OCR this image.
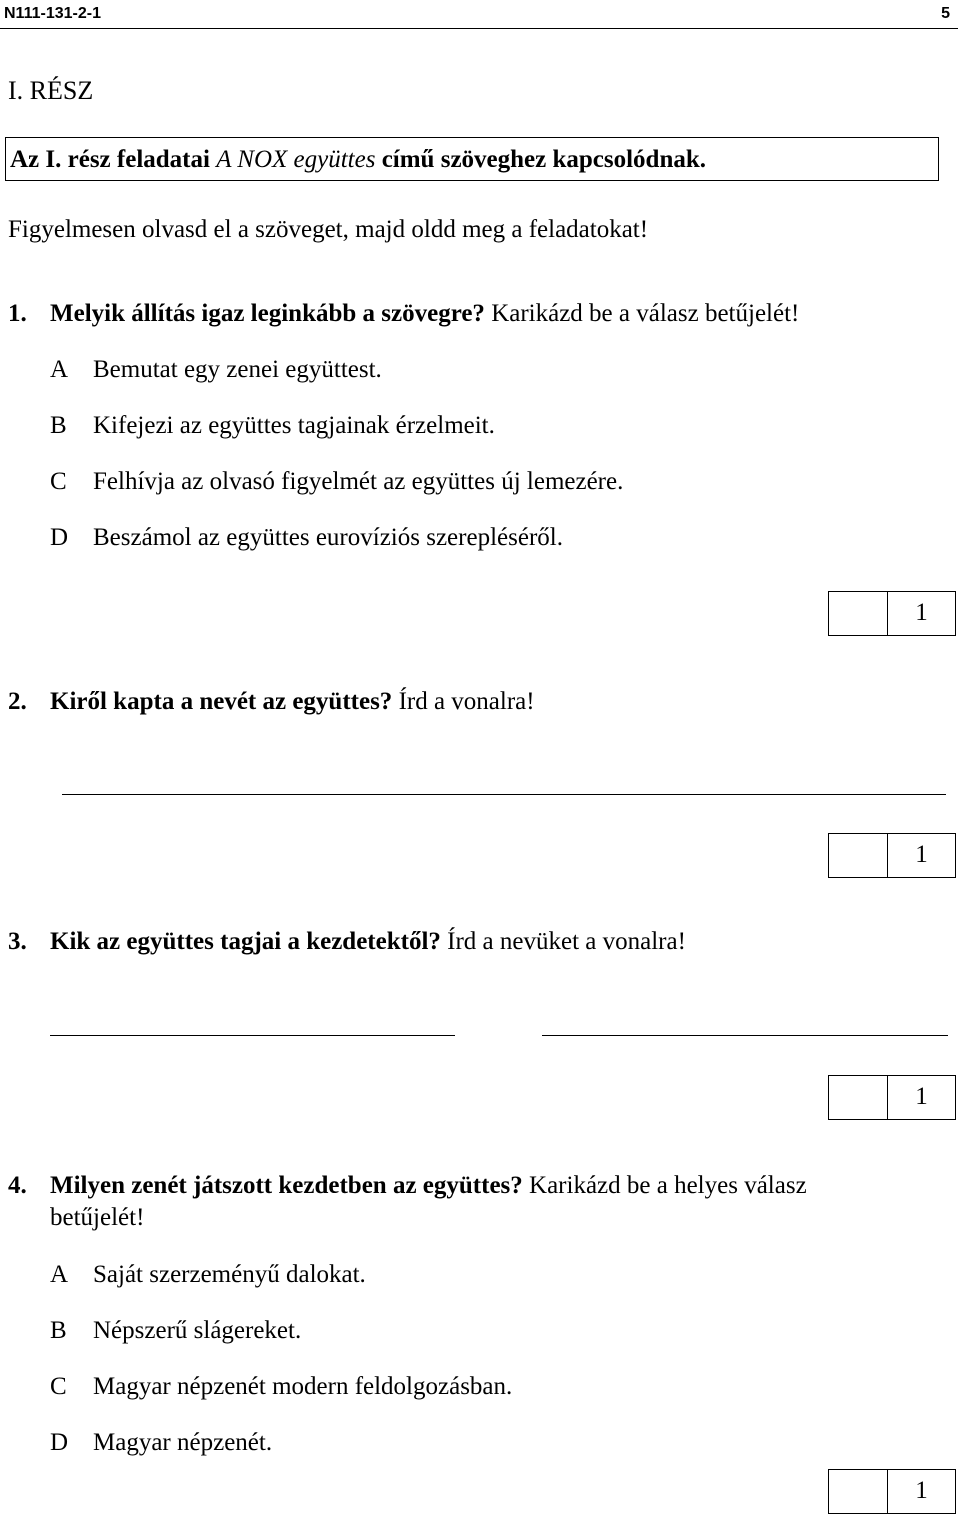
N111-131-2-1	5
I. RÉSZ
Az I. rész feladatai A NOX együttes című szöveghez kapcsolódnak.
Figyelmesen olvasd el a szöveget, majd oldd meg a feladatokat!
1. Melyik állítás igaz leginkább a szövegre? Karikázd be a válasz betűjelét!
A Bemutat egy zenei együttest.
B Kifejezi az együttes tagjainak érzelmeit.
C Felhívja az olvasó figyelmét az együttes új lemezére.
D Beszámol az együttes eurovíziós szerepléséről.
1
2. Kiről kapta a nevét az együttes? Írd a vonalra!
1
3. Kik az együttes tagjai a kezdetektől? Írd a nevüket a vonalra!
1
4. Milyen zenét játszott kezdetben az együttes? Karikázd be a helyes válasz
betűjelét!
A Saját szerzeményű dalokat.
B Népszerű slágereket.
C Magyar népzenét modern feldolgozásban.
D Magyar népzenét.
1
